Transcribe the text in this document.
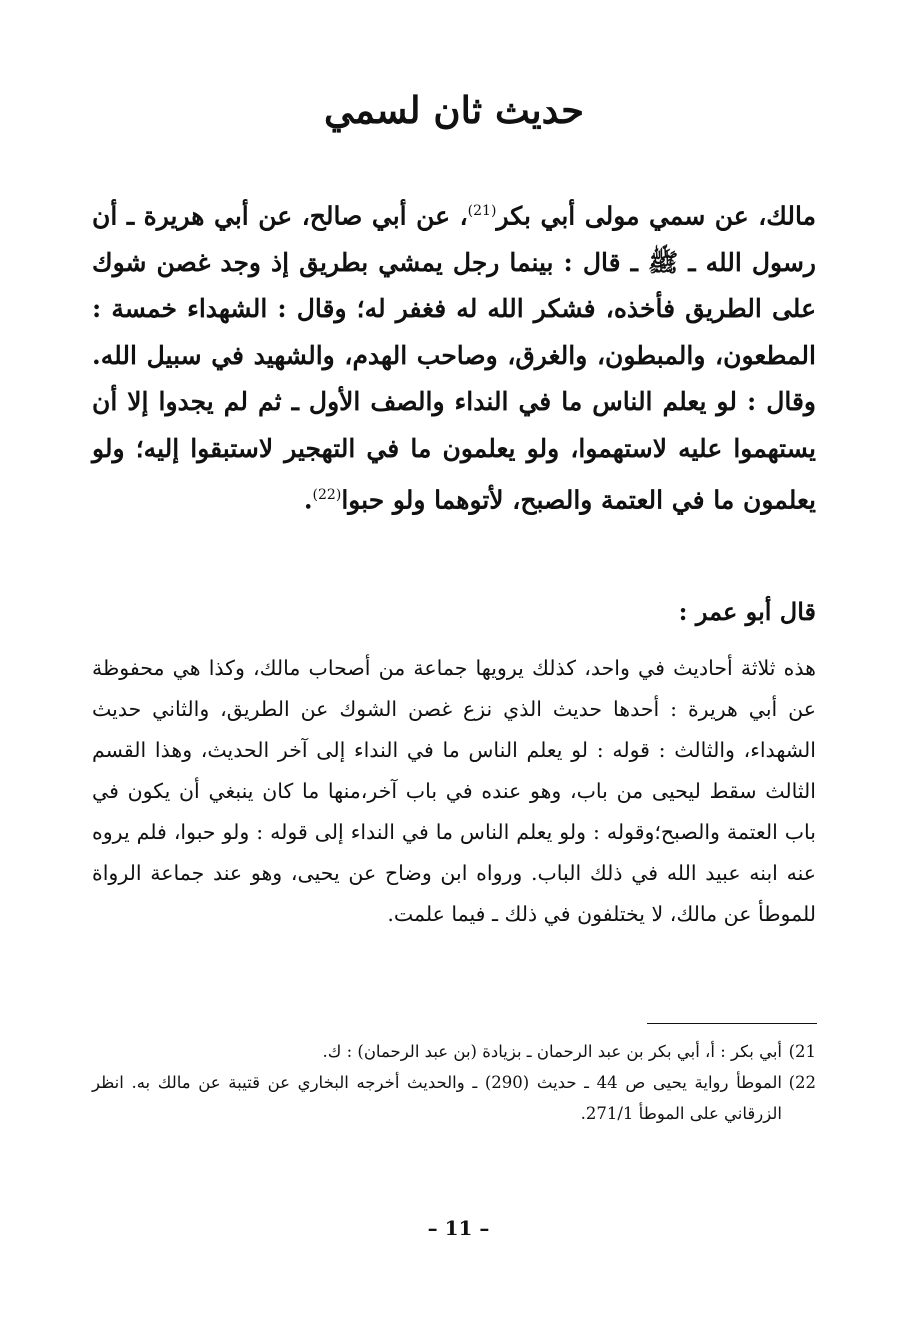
حديث ثان لسمي
مالك، عن سمي مولى أبي بكر$^{(21)}$، عن أبي صالح، عن أبي هريرة ـ أن رسول الله ـ ﷺ ـ قال : بينما رجل يمشي بطريق إذ وجد غصن شوك على الطريق فأخذه، فشكر الله له فغفر له؛ وقال : الشهداء خمسة : المطعون، والمبطون، والغرق، وصاحب الهدم، والشهيد في سبيل الله. وقال : لو يعلم الناس ما في النداء والصف الأول ـ ثم لم يجدوا إلا أن يستهموا عليه لاستهموا، ولو يعلمون ما في التهجير لاستبقوا إليه؛ ولو يعلمون ما في العتمة والصبح، لأتوهما ولو حبوا$^{(22)}$.
قال أبو عمر :
هذه ثلاثة أحاديث في واحد، كذلك يرويها جماعة من أصحاب مالك، وكذا هي محفوظة عن أبي هريرة : أحدها حديث الذي نزع غصن الشوك عن الطريق، والثاني حديث الشهداء، والثالث : قوله : لو يعلم الناس ما في النداء إلى آخر الحديث، وهذا القسم الثالث سقط ليحيى من باب، وهو عنده في باب آخر،منها ما كان ينبغي أن يكون في باب العتمة والصبح؛وقوله : ولو يعلم الناس ما في النداء إلى قوله : ولو حبوا، فلم يروه عنه ابنه عبيد الله في ذلك الباب. ورواه ابن وضاح عن يحيى، وهو عند جماعة الرواة للموطأ عن مالك، لا يختلفون في ذلك ـ فيما علمت.
21)
أبي بكر : أ، أبي بكر بن عبد الرحمان ـ بزيادة (بن عبد الرحمان) : ك.
22)
الموطأ رواية يحيى ص 44 ـ حديث (290) ـ والحديث أخرجه البخاري عن قتيبة عن مالك به. انظر الزرقاني على الموطأ 271/1.
– 11 –
